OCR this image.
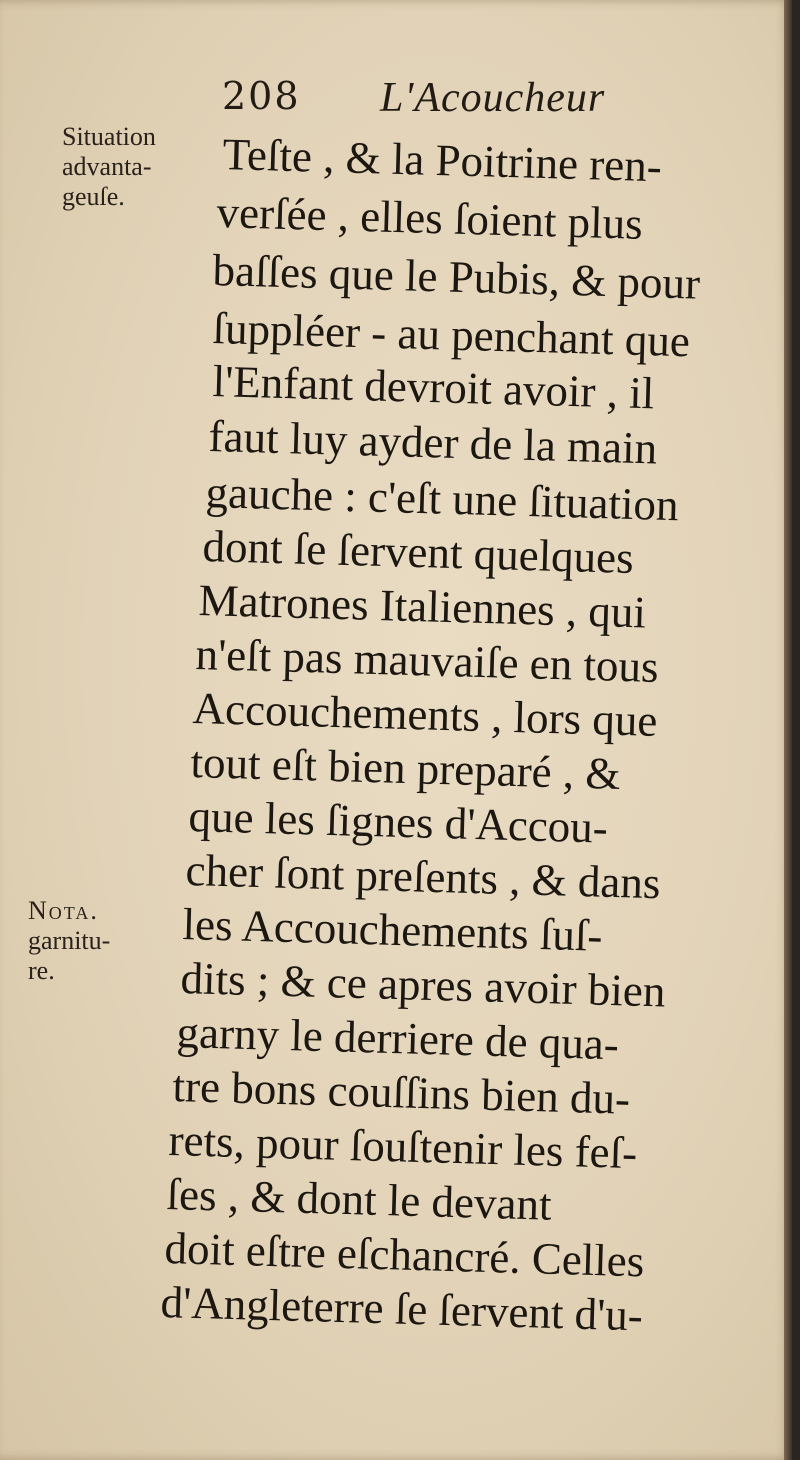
208 L'Acoucheur
Situation
advanta-
geuſe.
Nota.
garnitu-
re.
Teſte , & la Poitrine ren-
verſée , elles ſoient plus
baſſes que le Pubis, & pour
ſuppléer - au penchant que
l'Enfant devroit avoir , il
faut luy ayder de la main
gauche : c'eſt une ſituation
dont ſe ſervent quelques
Matrones Italiennes , qui
n'eſt pas mauvaiſe en tous
Accouchements , lors que
tout eſt bien preparé , &
que les ſignes d'Accou-
cher ſont preſents , & dans
les Accouchements ſuſ-
dits ; & ce apres avoir bien
garny le derriere de qua-
tre bons couſſins bien du-
rets, pour ſouſtenir les feſ-
ſes , & dont le devant
doit eſtre eſchancré. Celles
d'Angleterre ſe ſervent d'u-
